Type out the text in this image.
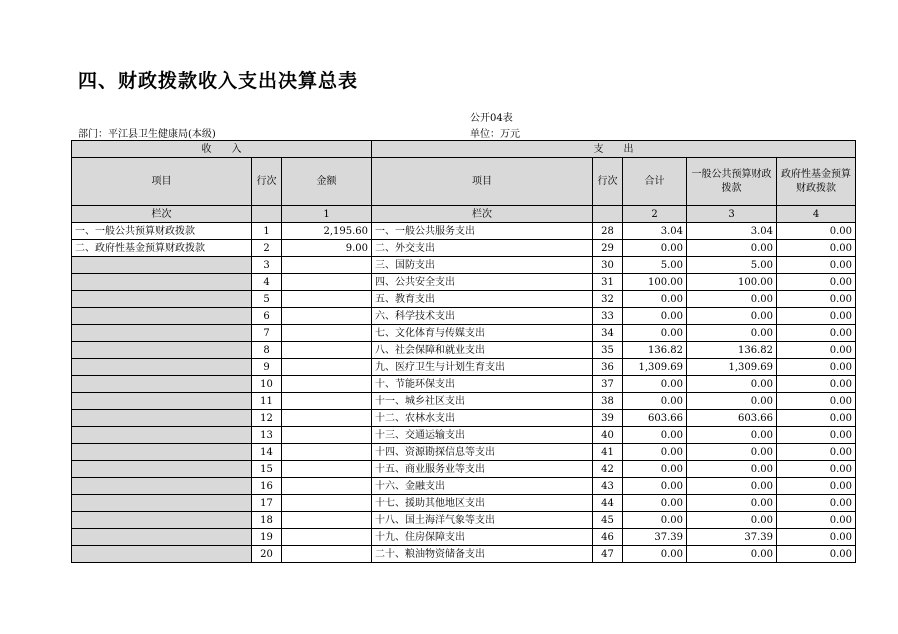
四、财政拨款收入支出决算总表
公开04表
部门：平江县卫生健康局(本级)	单位：万元
收　　入			支　　出				
项目	行次	金额	项目	行次	合计	一般公共预算财政拨款	政府性基金预算财政拨款
栏次		1	栏次		2	3	4
一、一般公共预算财政拨款	1	2,195.60	一、一般公共服务支出	28	3.04	3.04	0.00
二、政府性基金预算财政拨款	2	9.00	二、外交支出	29	0.00	0.00	0.00
	3		三、国防支出	30	5.00	5.00	0.00
	4		四、公共安全支出	31	100.00	100.00	0.00
	5		五、教育支出	32	0.00	0.00	0.00
	6		六、科学技术支出	33	0.00	0.00	0.00
	7		七、文化体育与传媒支出	34	0.00	0.00	0.00
	8		八、社会保障和就业支出	35	136.82	136.82	0.00
	9		九、医疗卫生与计划生育支出	36	1,309.69	1,309.69	0.00
	10		十、节能环保支出	37	0.00	0.00	0.00
	11		十一、城乡社区支出	38	0.00	0.00	0.00
	12		十二、农林水支出	39	603.66	603.66	0.00
	13		十三、交通运输支出	40	0.00	0.00	0.00
	14		十四、资源勘探信息等支出	41	0.00	0.00	0.00
	15		十五、商业服务业等支出	42	0.00	0.00	0.00
	16		十六、金融支出	43	0.00	0.00	0.00
	17		十七、援助其他地区支出	44	0.00	0.00	0.00
	18		十八、国土海洋气象等支出	45	0.00	0.00	0.00
	19		十九、住房保障支出	46	37.39	37.39	0.00
	20		二十、粮油物资储备支出	47	0.00	0.00	0.00
